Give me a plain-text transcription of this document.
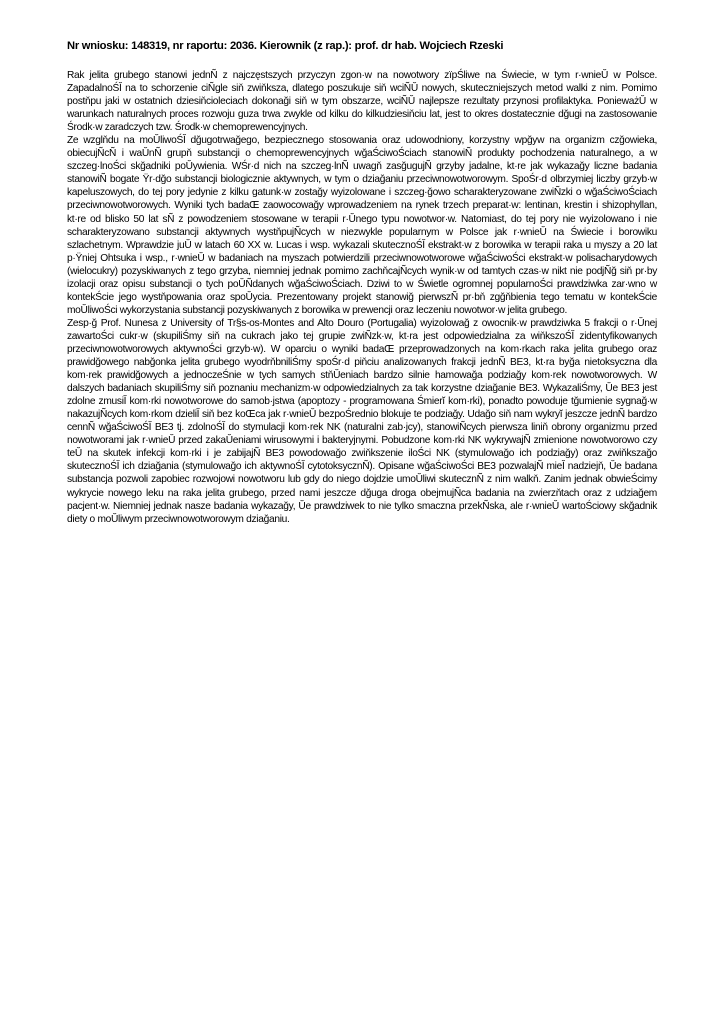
Nr wniosku: 148319, nr raportu: 2036. Kierownik (z rap.): prof. dr hab. Wojciech Rzeski

Rak jelita grubego stanowi jednÑ z najczęstszych przyczyn zgon·w na nowotwory zïpŚliwe na Świecie, w tym r·wnieŬ w Polsce. ZapadalnoŚĬ na to schorzenie ciÑgle siň zwiňksza, dlatego poszukuje siň wciÑŬ nowych, skuteczniejszych metod walki z nim. Pomimo postňpu jaki w ostatnich dziesiňcioleciach dokonaği siň w tym obszarze, wciÑŬ najlepsze rezultaty przynosi profilaktyka. PonieważŬ w warunkach naturalnych proces rozwoju guza trwa zwykle od kilku do kilkudziesiňciu lat, jest to okres dostatecznie dğugi na zastosowanie Środk·w zaradczych tzw. Środk·w chemoprewencyjnych.

Ze wzglňdu na moŬliwoŚĬ dğugotrwağego, bezpiecznego stosowania oraz udowodniony, korzystny wpğyw na organizm czğowieka, obiecujÑcÑ i waŬnÑ grupň substancji o chemoprewencyjnych wğaŚciwoŚciach stanowiÑ produkty pochodzenia naturalnego, a w szczeg·lnoŚci skğadniki poŬywienia. WŚr·d nich na szczeg·lnÑ uwagň zasğugujÑ grzyby jadalne, kt·re jak wykazağy liczne badania stanowiÑ bogate Ÿr·dğo substancji biologicznie aktywnych, w tym o dziağaniu przeciwnowotworowym. SpoŚr·d olbrzymiej liczby grzyb·w kapeluszowych, do tej pory jedynie z kilku gatunk·w zostağy wyizolowane i szczeg·ğowo scharakteryzowane zwiÑzki o wğaŚciwoŚciach przeciwnowotworowych. Wyniki tych badaŒ zaowocowağy wprowadzeniem na rynek trzech preparat·w: lentinan, krestin i shizophyllan, kt·re od blisko 50 lat sÑ z powodzeniem stosowane w terapii r·Ŭnego typu nowotwor·w. Natomiast, do tej pory nie wyizolowano i nie scharakteryzowano substancji aktywnych wystňpujÑcych w niezwykle popularnym w Polsce jak r·wnieŬ na Świecie i borowiku szlachetnym. Wprawdzie juŬ w latach 60 XX w. Lucas i wsp. wykazali skutecznoŚĬ ekstrakt·w z borowika w terapii raka u myszy a 20 lat p·Ÿniej Ohtsuka i wsp., r·wnieŬ w badaniach na myszach potwierdzili przeciwnowotworowe wğaŚciwoŚci ekstrakt·w polisacharydowych (wielocukry) pozyskiwanych z tego grzyba, niemniej jednak pomimo zachňcajÑcych wynik·w od tamtych czas·w nikt nie podjÑğ siň pr·by izolacji oraz opisu substancji o tych poŬÑdanych wğaŚciwoŚciach. Dziwi to w Świetle ogromnej popularnoŚci prawdziwka zar·wno w kontekŚcie jego wystňpowania oraz spoŬycia. Prezentowany projekt stanowiğ pierwszÑ pr·bň zgğňbienia tego tematu w kontekŚcie moŬliwoŚci wykorzystania substancji pozyskiwanych z borowika w prewencji oraz leczeniu nowotwor·w jelita grubego.

Zesp·ğ Prof. Nunesa z University of Tr§s-os-Montes and Alto Douro (Portugalia) wyizolowağ z owocnik·w prawdziwka 5 frakcji o r·Ŭnej zawartoŚci cukr·w (skupiliŚmy siň na cukrach jako tej grupie zwiÑzk·w, kt·ra jest odpowiedzialna za wiňkszoŚĬ zidentyfikowanych przeciwnowotworowych aktywnoŚci grzyb·w). W oparciu o wyniki badaŒ przeprowadzonych na kom·rkach raka jelita grubego oraz prawidğowego nabğonka jelita grubego wyodrňbniliŚmy spoŚr·d piňciu analizowanych frakcji jednÑ BE3, kt·ra byğa nietoksyczna dla kom·rek prawidğowych a jednoczeŚnie w tych samych stňŬeniach bardzo silnie hamowağa podziağy kom·rek nowotworowych. W dalszych badaniach skupiliŚmy siň poznaniu mechanizm·w odpowiedzialnych za tak korzystne dziağanie BE3. WykazaliŚmy, Ŭe BE3 jest zdolne zmusiĬ kom·rki nowotworowe do samob·jstwa (apoptozy - programowana Śmierĭ kom·rki), ponadto powoduje tğumienie sygnağ·w nakazujÑcych kom·rkom dzieliĬ siň bez koŒca jak r·wnieŬ bezpoŚrednio blokuje te podziağy. Udağo siň nam wykryĭ jeszcze jednÑ bardzo cennÑ wğaŚciwoŚĬ BE3 tj. zdolnoŚĬ do stymulacji kom·rek NK (naturalni zab·jcy), stanowiÑcych pierwsza liniň obrony organizmu przed nowotworami jak r·wnieŬ przed zakaŬeniami wirusowymi i bakteryjnymi. Pobudzone kom·rki NK wykrywajÑ zmienione nowotworowo czy teŬ na skutek infekcji kom·rki i je zabijajÑ BE3 powodowağo zwiňkszenie iloŚci NK (stymulowağo ich podziağy) oraz zwiňkszağo skutecznoŚĬ ich dziağania (stymulowağo ich aktywnoŚĬ cytotoksycznÑ). Opisane wğaŚciwoŚci BE3 pozwalajÑ mieĬ nadziejň, Ŭe badana substancja pozwoli zapobiec rozwojowi nowotworu lub gdy do niego dojdzie umoŬliwi skutecznÑ z nim walkň. Zanim jednak obwieŚcimy wykrycie nowego leku na raka jelita grubego, przed nami jeszcze dğuga droga obejmujÑca badania na zwierzňtach oraz z udziağem pacjent·w. Niemniej jednak nasze badania wykazağy, Ŭe prawdziwek to nie tylko smaczna przekÑska, ale r·wnieŬ wartoŚciowy skğadnik diety o moŬliwym przeciwnowotworowym dziağaniu.
